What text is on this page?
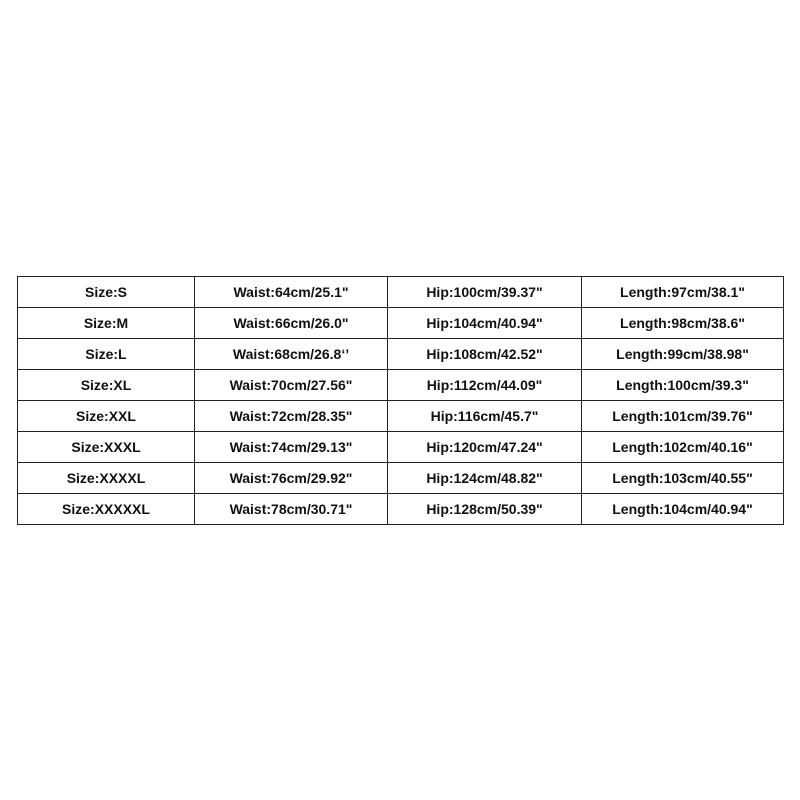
Size:S	Waist:64cm/25.1"	Hip:100cm/39.37"	Length:97cm/38.1"
Size:M	Waist:66cm/26.0"	Hip:104cm/40.94"	Length:98cm/38.6"
Size:L	Waist:68cm/26.8‘’	Hip:108cm/42.52"	Length:99cm/38.98"
Size:XL	Waist:70cm/27.56"	Hip:112cm/44.09"	Length:100cm/39.3"
Size:XXL	Waist:72cm/28.35"	Hip:116cm/45.7"	Length:101cm/39.76"
Size:XXXL	Waist:74cm/29.13"	Hip:120cm/47.24"	Length:102cm/40.16"
Size:XXXXL	Waist:76cm/29.92"	Hip:124cm/48.82"	Length:103cm/40.55"
Size:XXXXXL	Waist:78cm/30.71"	Hip:128cm/50.39"	Length:104cm/40.94"
